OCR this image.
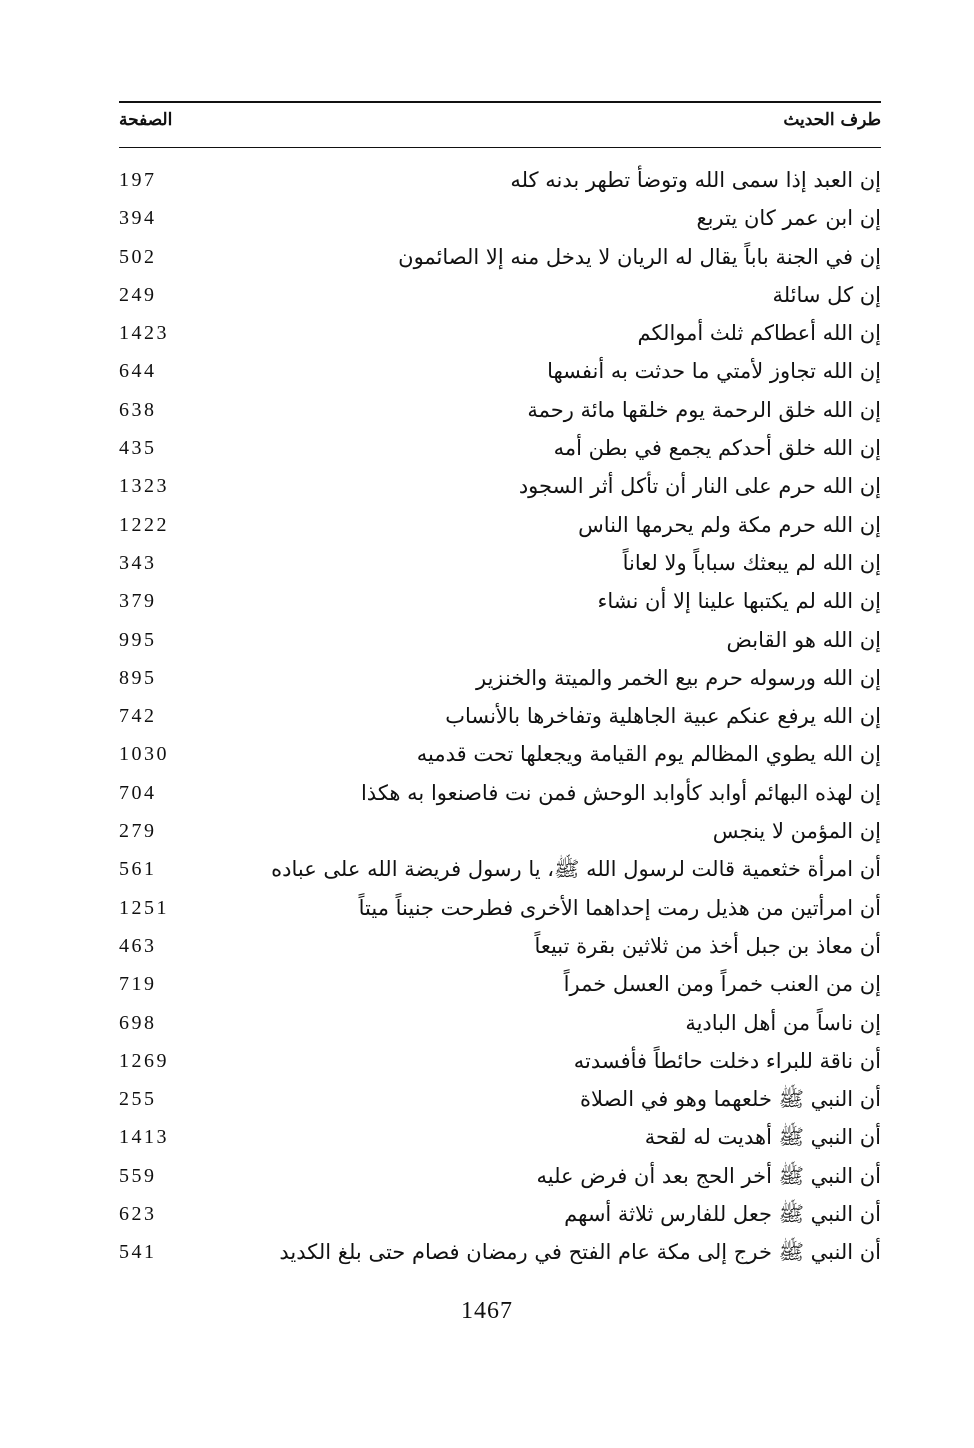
طرف الحديث
الصفحة
إن العبد إذا سمى الله وتوضأ تطهر بدنه كله
197
إن ابن عمر كان يتربع
394
إن في الجنة باباً يقال له الريان لا يدخل منه إلا الصائمون
502
إن كل سائلة
249
إن الله أعطاكم ثلث أموالكم
1423
إن الله تجاوز لأمتي ما حدثت به أنفسها
644
إن الله خلق الرحمة يوم خلقها مائة رحمة
638
إن الله خلق أحدكم يجمع في بطن أمه
435
إن الله حرم على النار أن تأكل أثر السجود
1323
إن الله حرم مكة ولم يحرمها الناس
1222
إن الله لم يبعثك سباباً ولا لعاناً
343
إن الله لم يكتبها علينا إلا أن نشاء
379
إن الله هو القابض
995
إن الله ورسوله حرم بيع الخمر والميتة والخنزير
895
إن الله يرفع عنكم عبية الجاهلية وتفاخرها بالأنساب
742
إن الله يطوي المظالم يوم القيامة ويجعلها تحت قدميه
1030
إن لهذه البهائم أوابد كأوابد الوحش فمن نت فاصنعوا به هكذا
704
إن المؤمن لا ينجس
279
أن امرأة خثعمية قالت لرسول الله ﷺ، يا رسول فريضة الله على عباده
561
أن امرأتين من هذيل رمت إحداهما الأخرى فطرحت جنيناً ميتاً
1251
أن معاذ بن جبل أخذ من ثلاثين بقرة تبيعاً
463
إن من العنب خمراً ومن العسل خمراً
719
إن ناساً من أهل البادية
698
أن ناقة للبراء دخلت حائطاً فأفسدته
1269
أن النبي ﷺ خلعهما وهو في الصلاة
255
أن النبي ﷺ أهديت له لقحة
1413
أن النبي ﷺ أخر الحج بعد أن فرض عليه
559
أن النبي ﷺ جعل للفارس ثلاثة أسهم
623
أن النبي ﷺ خرج إلى مكة عام الفتح في رمضان فصام حتى بلغ الكديد
541
1467
